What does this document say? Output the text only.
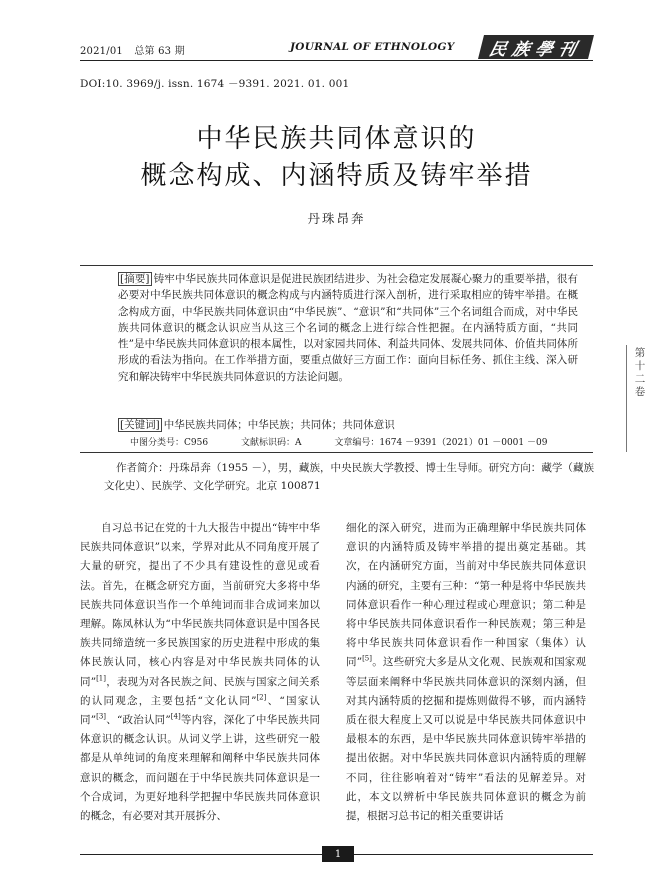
2021/01 总第 63 期	JOURNAL OF ETHNOLOGY	民族學刊
DOI:10. 3969/j. issn. 1674 －9391. 2021. 01. 001
中华民族共同体意识的
概念构成、内涵特质及铸牢举措
丹珠昂奔
[摘要] 铸牢中华民族共同体意识是促进民族团结进步、为社会稳定发展凝心聚力的重要举措，很有必要对中华民族共同体意识的概念构成与内涵特质进行深入剖析，进行采取相应的铸牢举措。在概念构成方面，中华民族共同体意识由“中华民族”、“意识”和“共同体”三个名词组合而成，对中华民族共同体意识的概念认识应当从这三个名词的概念上进行综合性把握。在内涵特质方面，“共同性”是中华民族共同体意识的根本属性，以对家园共同体、利益共同体、发展共同体、价值共同体所形成的看法为指向。在工作举措方面，要重点做好三方面工作：面向目标任务、抓住主线、深入研究和解决铸牢中华民族共同体意识的方法论问题。
[关键词] 中华民族共同体；中华民族；共同体；共同体意识
中图分类号：C956	文献标识码：A	文章编号：1674 －9391（2021）01 －0001 －09
作者简介：丹珠昂奔（1955 －），男，藏族，中央民族大学教授、博士生导师。研究方向：藏学（藏族文化史）、民族学、文化学研究。北京 100871
自习总书记在党的十九大报告中提出“铸牢中华民族共同体意识”以来，学界对此从不同角度开展了大量的研究，提出了不少具有建设性的意见或看法。首先，在概念研究方面，当前研究大多将中华民族共同体意识当作一个单纯词而非合成词来加以理解。陈凤林认为“中华民族共同体意识是中国各民族共同缔造统一多民族国家的历史进程中形成的集体民族认同，核心内容是对中华民族共同体的认同”[1]，表现为对各民族之间、民族与国家之间关系的认同观念，主要包括“文化认同”[2]、“国家认同”[3]、“政治认同”[4]等内容，深化了中华民族共同体意识的概念认识。从词义学上讲，这些研究一般都是从单纯词的角度来理解和阐释中华民族共同体意识的概念，而问题在于中华民族共同体意识是一个合成词，为更好地科学把握中华民族共同体意识的概念，有必要对其开展拆分、
细化的深入研究，进而为正确理解中华民族共同体意识的内涵特质及铸牢举措的提出奠定基础。其次，在内涵研究方面，当前对中华民族共同体意识内涵的研究，主要有三种：“第一种是将中华民族共同体意识看作一种心理过程或心理意识；第二种是将中华民族共同体意识看作一种民族观；第三种是将中华民族共同体意识看作一种国家（集体）认同”[5]。这些研究大多是从文化观、民族观和国家观等层面来阐释中华民族共同体意识的深刻内涵，但对其内涵特质的挖掘和提炼则做得不够，而内涵特质在很大程度上又可以说是中华民族共同体意识中最根本的东西，是中华民族共同体意识铸牢举措的提出依据。对中华民族共同体意识内涵特质的理解不同，往往影响着对“铸牢”看法的见解差异。对此，本文以辨析中华民族共同体意识的概念为前提，根据习总书记的相关重要讲话
第十二卷
1
